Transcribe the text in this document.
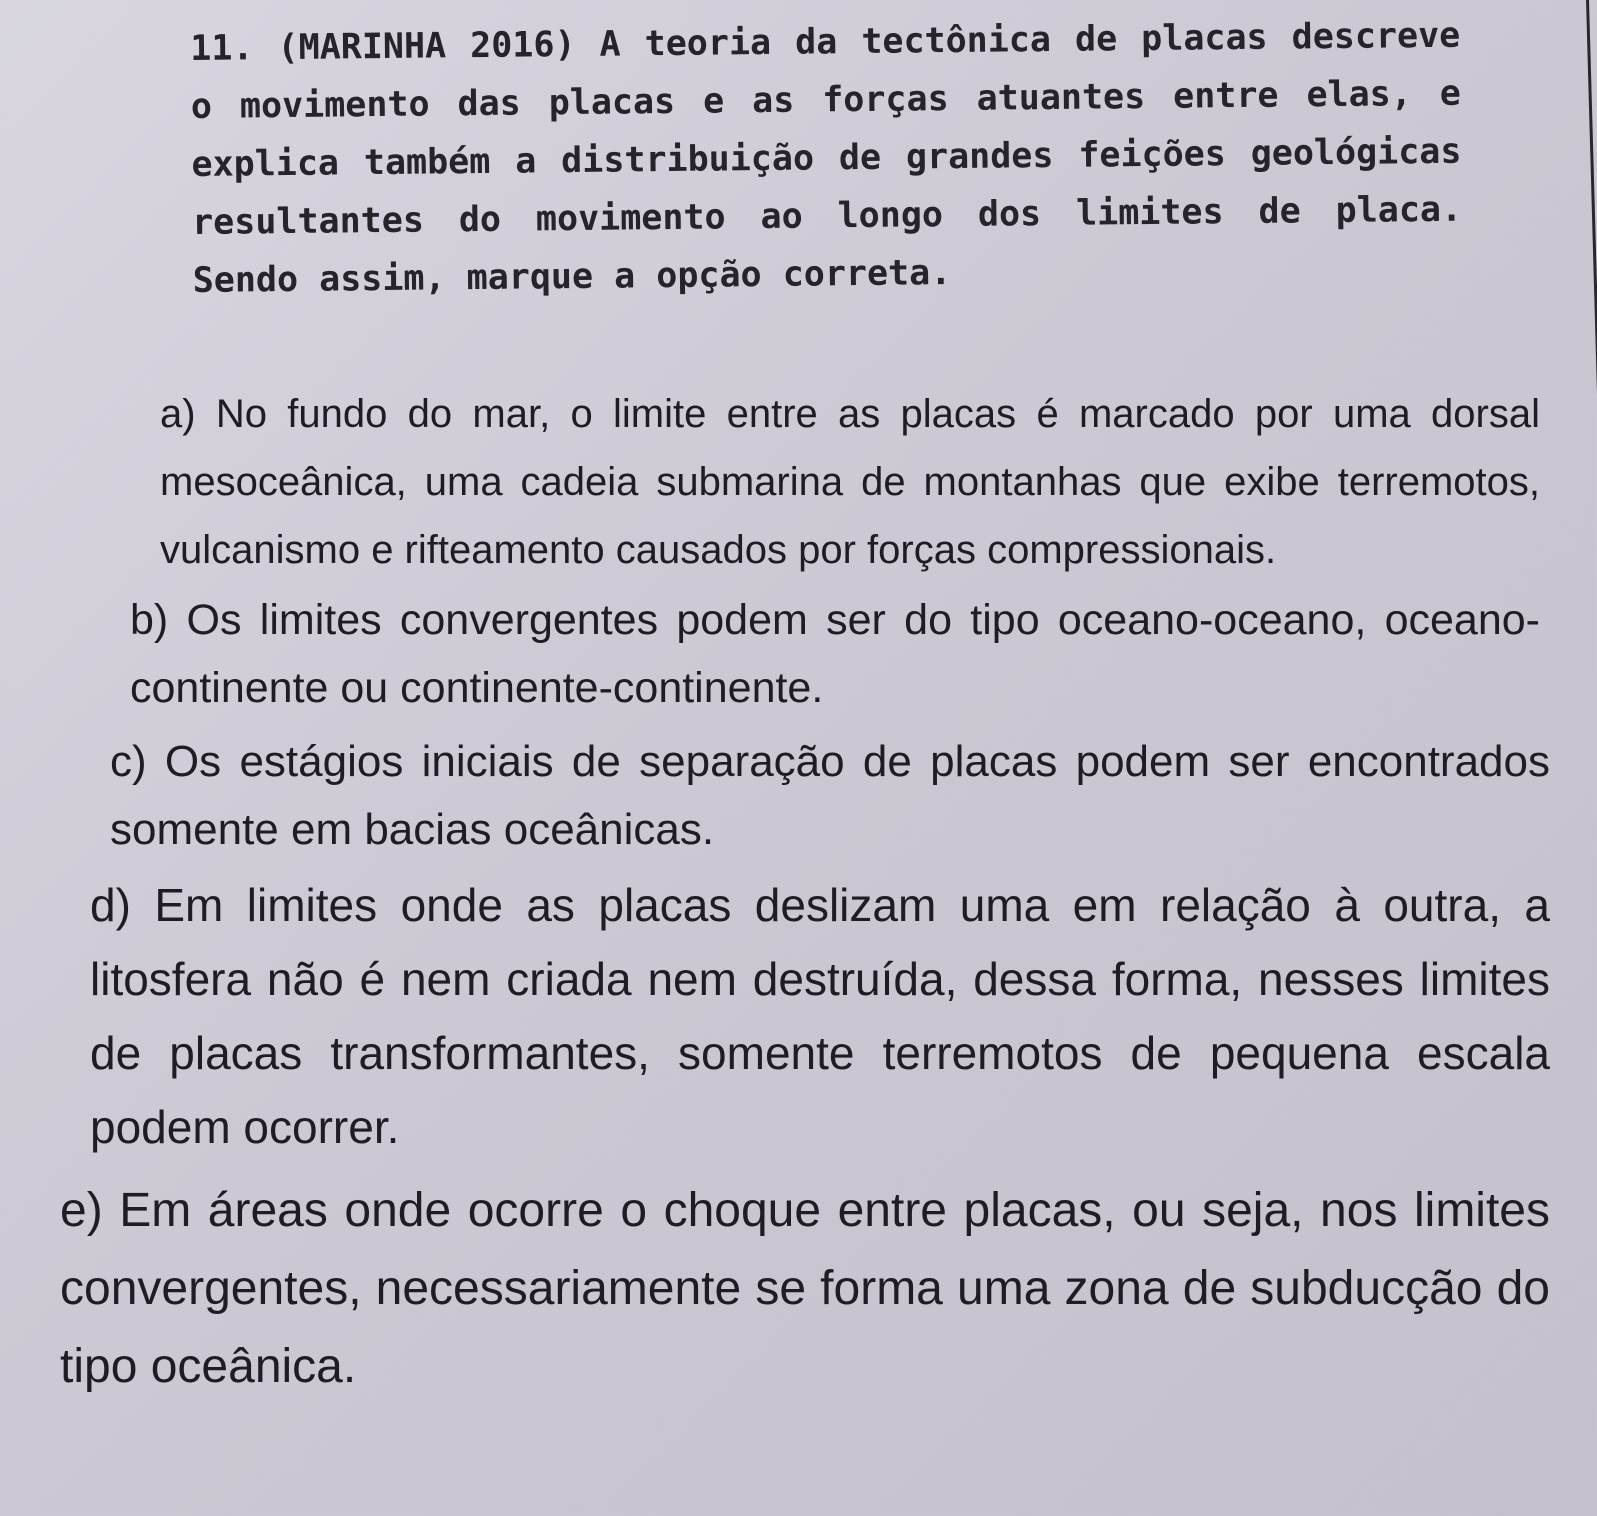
11. (MARINHA 2016) A teoria da tectônica de placas descreve o movimento das placas e as forças atuantes entre elas, e explica também a distribuição de grandes feições geológicas resultantes do movimento ao longo dos limites de placa. Sendo assim, marque a opção correta.

a) No fundo do mar, o limite entre as placas é marcado por uma dorsal mesoceânica, uma cadeia submarina de montanhas que exibe terremotos, vulcanismo e rifteamento causados por forças compressionais.

b) Os limites convergentes podem ser do tipo oceano-oceano, oceano-continente ou continente-continente.

c) Os estágios iniciais de separação de placas podem ser encontrados somente em bacias oceânicas.

d) Em limites onde as placas deslizam uma em relação à outra, a litosfera não é nem criada nem destruída, dessa forma, nesses limites de placas transformantes, somente terremotos de pequena escala podem ocorrer.

e) Em áreas onde ocorre o choque entre placas, ou seja, nos limites convergentes, necessariamente se forma uma zona de subducção do tipo oceânica.
